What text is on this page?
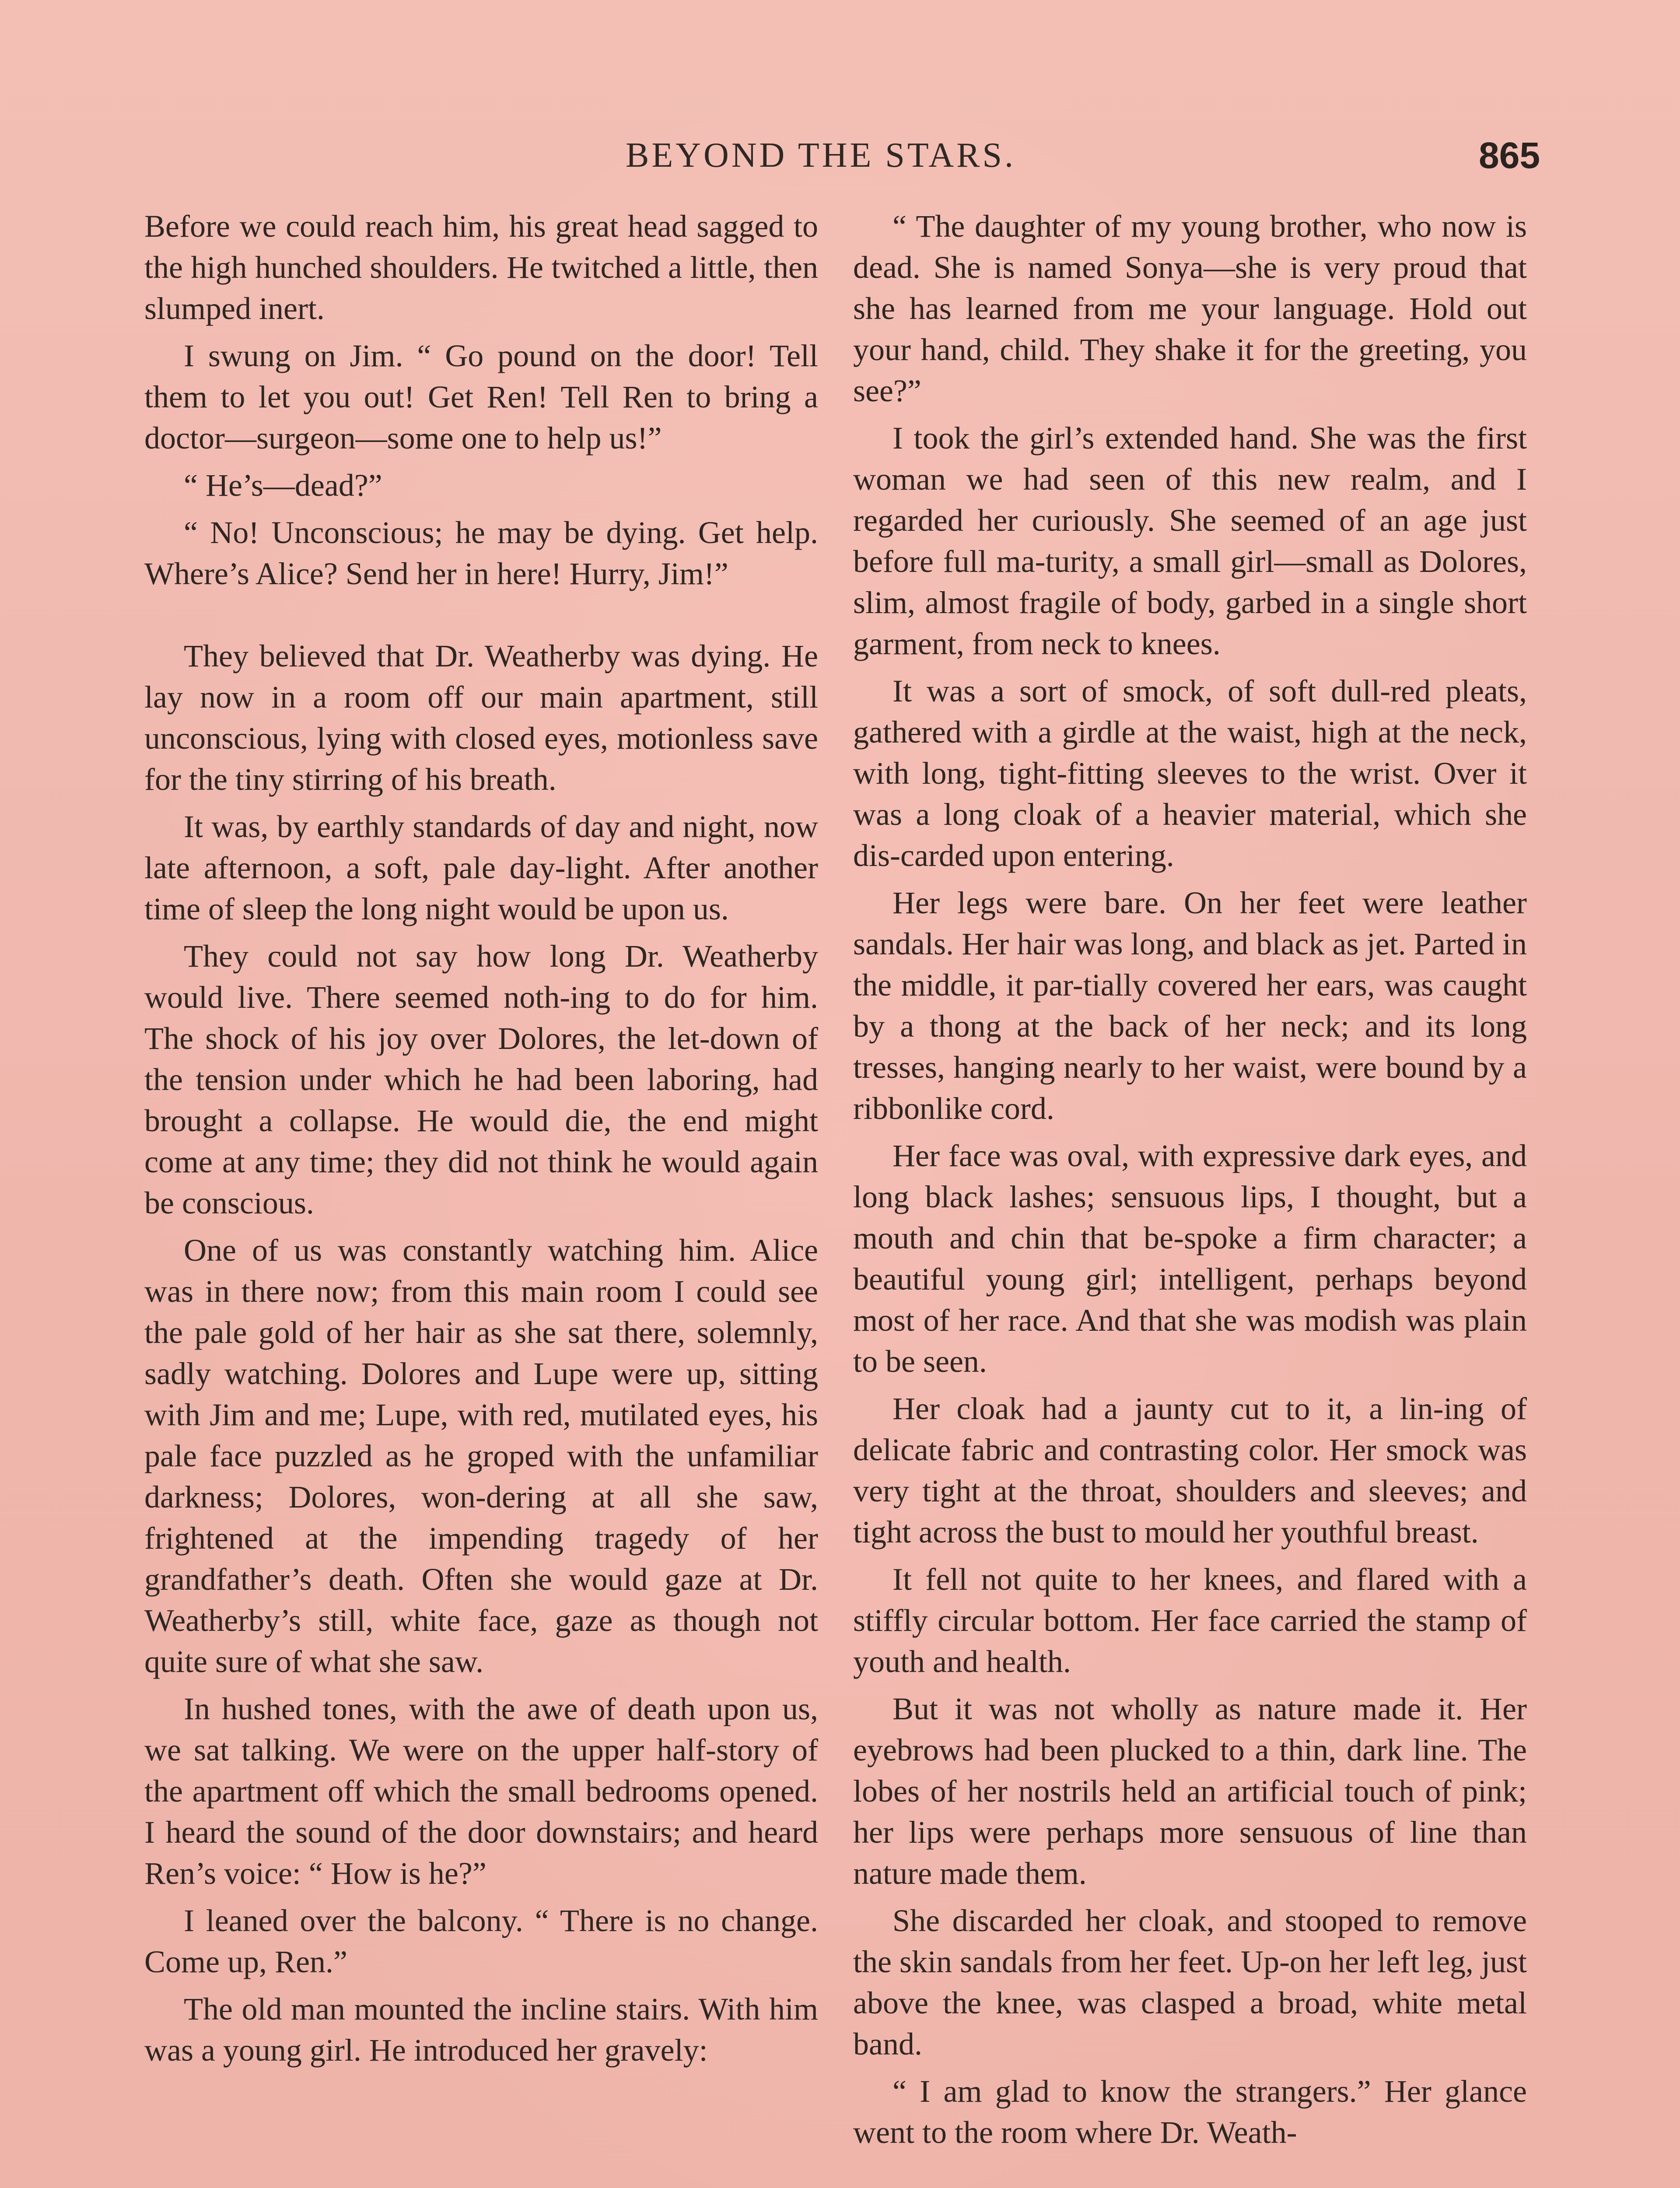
BEYOND THE STARS.	865

Before we could reach him, his great head sagged to the high hunched shoulders. He twitched a little, then slumped inert.

I swung on Jim. “ Go pound on the door! Tell them to let you out! Get Ren! Tell Ren to bring a doctor—surgeon—some one to help us!”

“ He’s—dead?”

“ No! Unconscious; he may be dying. Get help. Where’s Alice? Send her in here! Hurry, Jim!”

They believed that Dr. Weatherby was dying. He lay now in a room off our main apartment, still unconscious, lying with closed eyes, motionless save for the tiny stirring of his breath.

It was, by earthly standards of day and night, now late afternoon, a soft, pale day-light. After another time of sleep the long night would be upon us.

They could not say how long Dr. Weatherby would live. There seemed noth-ing to do for him. The shock of his joy over Dolores, the let-down of the tension under which he had been laboring, had brought a collapse. He would die, the end might come at any time; they did not think he would again be conscious.

One of us was constantly watching him. Alice was in there now; from this main room I could see the pale gold of her hair as she sat there, solemnly, sadly watching. Dolores and Lupe were up, sitting with Jim and me; Lupe, with red, mutilated eyes, his pale face puzzled as he groped with the unfamiliar darkness; Dolores, won-dering at all she saw, frightened at the impending tragedy of her grandfather’s death. Often she would gaze at Dr. Weatherby’s still, white face, gaze as though not quite sure of what she saw.

In hushed tones, with the awe of death upon us, we sat talking. We were on the upper half-story of the apartment off which the small bedrooms opened. I heard the sound of the door downstairs; and heard Ren’s voice: “ How is he?”

I leaned over the balcony. “ There is no change. Come up, Ren.”

The old man mounted the incline stairs. With him was a young girl. He introduced her gravely:

“ The daughter of my young brother, who now is dead. She is named Sonya—she is very proud that she has learned from me your language. Hold out your hand, child. They shake it for the greeting, you see?”

I took the girl’s extended hand. She was the first woman we had seen of this new realm, and I regarded her curiously. She seemed of an age just before full ma-turity, a small girl—small as Dolores, slim, almost fragile of body, garbed in a single short garment, from neck to knees.

It was a sort of smock, of soft dull-red pleats, gathered with a girdle at the waist, high at the neck, with long, tight-fitting sleeves to the wrist. Over it was a long cloak of a heavier material, which she dis-carded upon entering.

Her legs were bare. On her feet were leather sandals. Her hair was long, and black as jet. Parted in the middle, it par-tially covered her ears, was caught by a thong at the back of her neck; and its long tresses, hanging nearly to her waist, were bound by a ribbonlike cord.

Her face was oval, with expressive dark eyes, and long black lashes; sensuous lips, I thought, but a mouth and chin that be-spoke a firm character; a beautiful young girl; intelligent, perhaps beyond most of her race. And that she was modish was plain to be seen.

Her cloak had a jaunty cut to it, a lin-ing of delicate fabric and contrasting color. Her smock was very tight at the throat, shoulders and sleeves; and tight across the bust to mould her youthful breast.

It fell not quite to her knees, and flared with a stiffly circular bottom. Her face carried the stamp of youth and health.

But it was not wholly as nature made it. Her eyebrows had been plucked to a thin, dark line. The lobes of her nostrils held an artificial touch of pink; her lips were perhaps more sensuous of line than nature made them.

She discarded her cloak, and stooped to remove the skin sandals from her feet. Up-on her left leg, just above the knee, was clasped a broad, white metal band.

“ I am glad to know the strangers.” Her glance went to the room where Dr. Weath-
